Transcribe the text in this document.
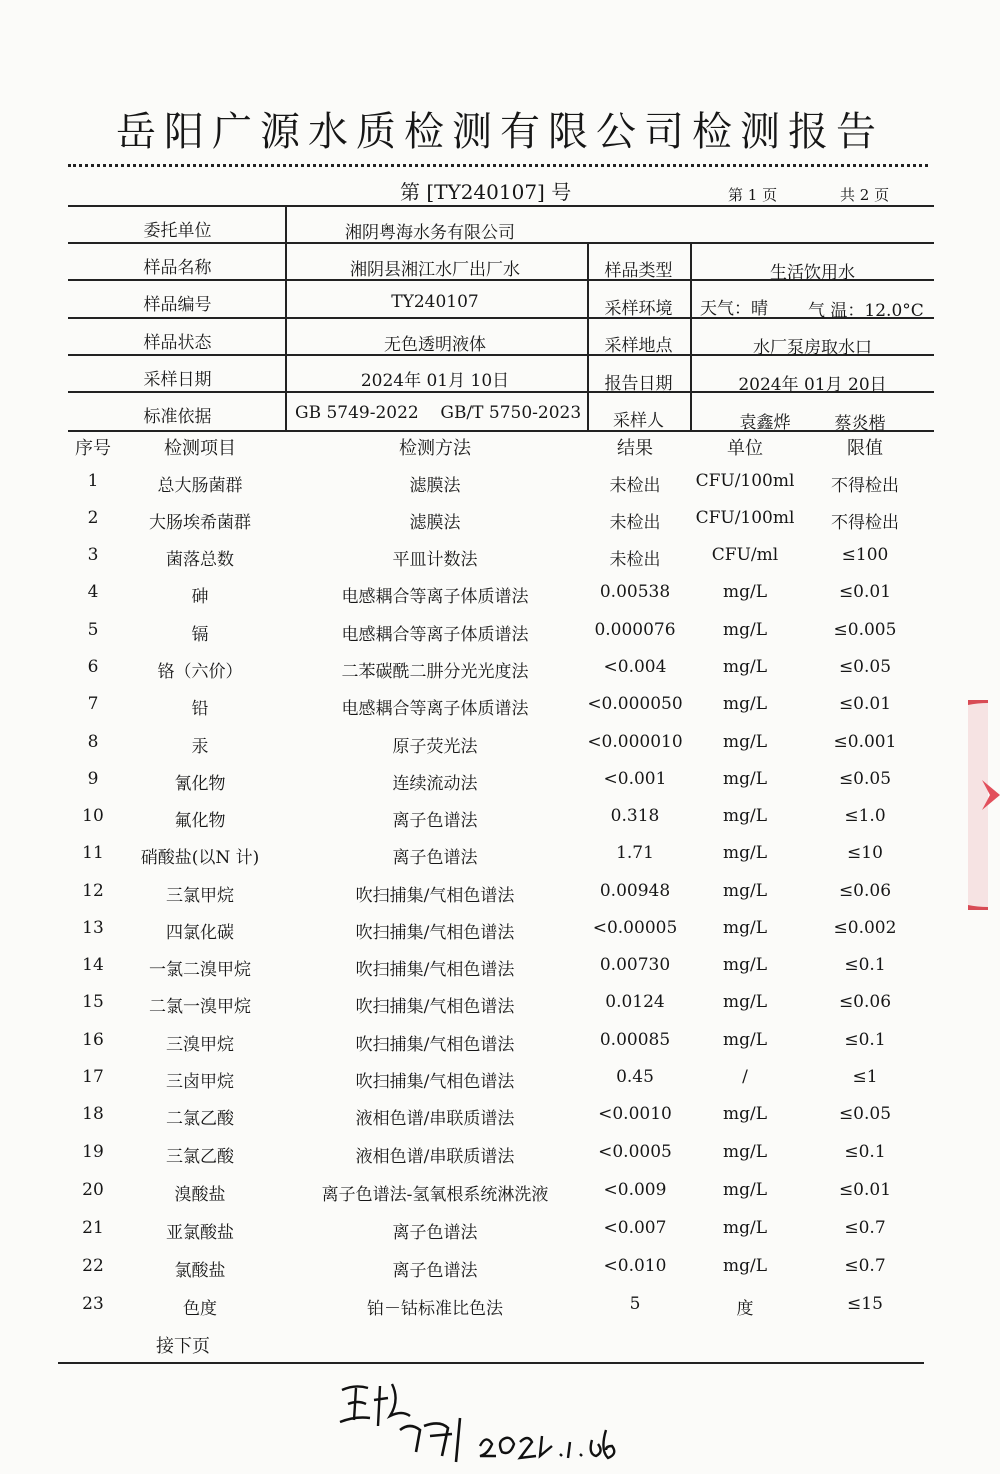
岳阳广源水质检测有限公司检测报告
第 [TY240107] 号	第 1 页	共 2 页
委托单位	湘阴粤海水务有限公司
样品名称	湘阴县湘江水厂出厂水	样品类型	生活饮用水
样品编号	TY240107	采样环境	天气：晴	气 温：12.0°C
样品状态	无色透明液体	采样地点	水厂泵房取水口
采样日期	2024年 01月 10日	报告日期	2024年 01月 20日
标准依据	GB 5749-2022    GB/T 5750-2023	采样人	袁鑫烨	蔡炎楷
序号	检测项目	检测方法	结果	单位	限值
1	总大肠菌群	滤膜法	未检出	CFU/100ml	不得检出
2	大肠埃希菌群	滤膜法	未检出	CFU/100ml	不得检出
3	菌落总数	平皿计数法	未检出	CFU/ml	≤100
4	砷	电感耦合等离子体质谱法	0.00538	mg/L	≤0.01
5	镉	电感耦合等离子体质谱法	0.000076	mg/L	≤0.005
6	铬（六价）	二苯碳酰二肼分光光度法	<0.004	mg/L	≤0.05
7	铅	电感耦合等离子体质谱法	<0.000050	mg/L	≤0.01
8	汞	原子荧光法	<0.000010	mg/L	≤0.001
9	氰化物	连续流动法	<0.001	mg/L	≤0.05
10	氟化物	离子色谱法	0.318	mg/L	≤1.0
11	硝酸盐(以N 计)	离子色谱法	1.71	mg/L	≤10
12	三氯甲烷	吹扫捕集/气相色谱法	0.00948	mg/L	≤0.06
13	四氯化碳	吹扫捕集/气相色谱法	<0.00005	mg/L	≤0.002
14	一氯二溴甲烷	吹扫捕集/气相色谱法	0.00730	mg/L	≤0.1
15	二氯一溴甲烷	吹扫捕集/气相色谱法	0.0124	mg/L	≤0.06
16	三溴甲烷	吹扫捕集/气相色谱法	0.00085	mg/L	≤0.1
17	三卤甲烷	吹扫捕集/气相色谱法	0.45	/	≤1
18	二氯乙酸	液相色谱/串联质谱法	<0.0010	mg/L	≤0.05
19	三氯乙酸	液相色谱/串联质谱法	<0.0005	mg/L	≤0.1
20	溴酸盐	离子色谱法-氢氧根系统淋洗液	<0.009	mg/L	≤0.01
21	亚氯酸盐	离子色谱法	<0.007	mg/L	≤0.7
22	氯酸盐	离子色谱法	<0.010	mg/L	≤0.7
23	色度	铂－钴标准比色法	5	度	≤15
接下页
